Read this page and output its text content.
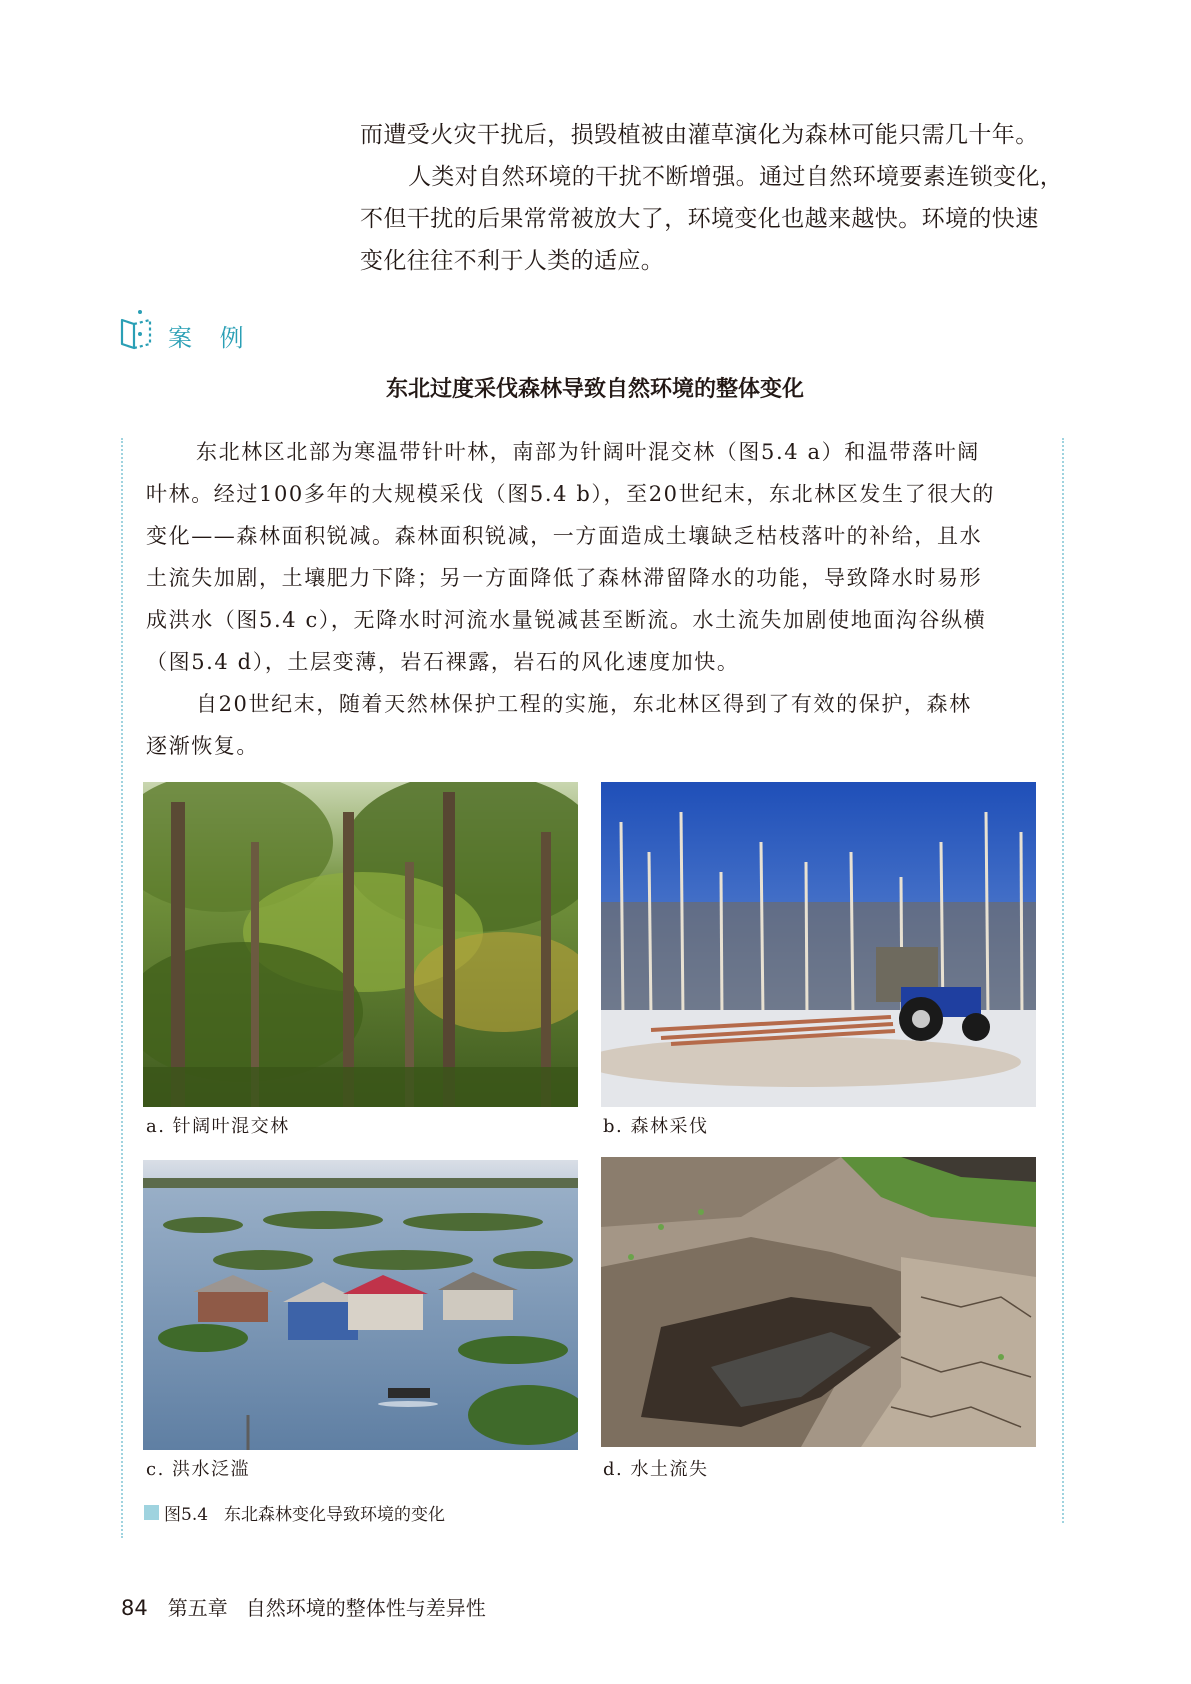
而遭受火灾干扰后，损毁植被由灌草演化为森林可能只需几十年。

人类对自然环境的干扰不断增强。通过自然环境要素连锁变化，

不但干扰的后果常常被放大了，环境变化也越来越快。环境的快速

变化往往不利于人类的适应。

案 例
东北过度采伐森林导致自然环境的整体变化

东北林区北部为寒温带针叶林，南部为针阔叶混交林（图5.4 a）和温带落叶阔

叶林。经过100多年的大规模采伐（图5.4 b），至20世纪末，东北林区发生了很大的

变化——森林面积锐减。森林面积锐减，一方面造成土壤缺乏枯枝落叶的补给，且水

土流失加剧，土壤肥力下降；另一方面降低了森林滞留降水的功能，导致降水时易形

成洪水（图5.4 c），无降水时河流水量锐减甚至断流。水土流失加剧使地面沟谷纵横

（图5.4 d），土层变薄，岩石裸露，岩石的风化速度加快。

自20世纪末，随着天然林保护工程的实施，东北林区得到了有效的保护，森林

逐渐恢复。

a. 针阔叶混交林	b. 森林采伐
c. 洪水泛滥	d. 水土流失
图5.4 东北森林变化导致环境的变化
84 第五章 自然环境的整体性与差异性
